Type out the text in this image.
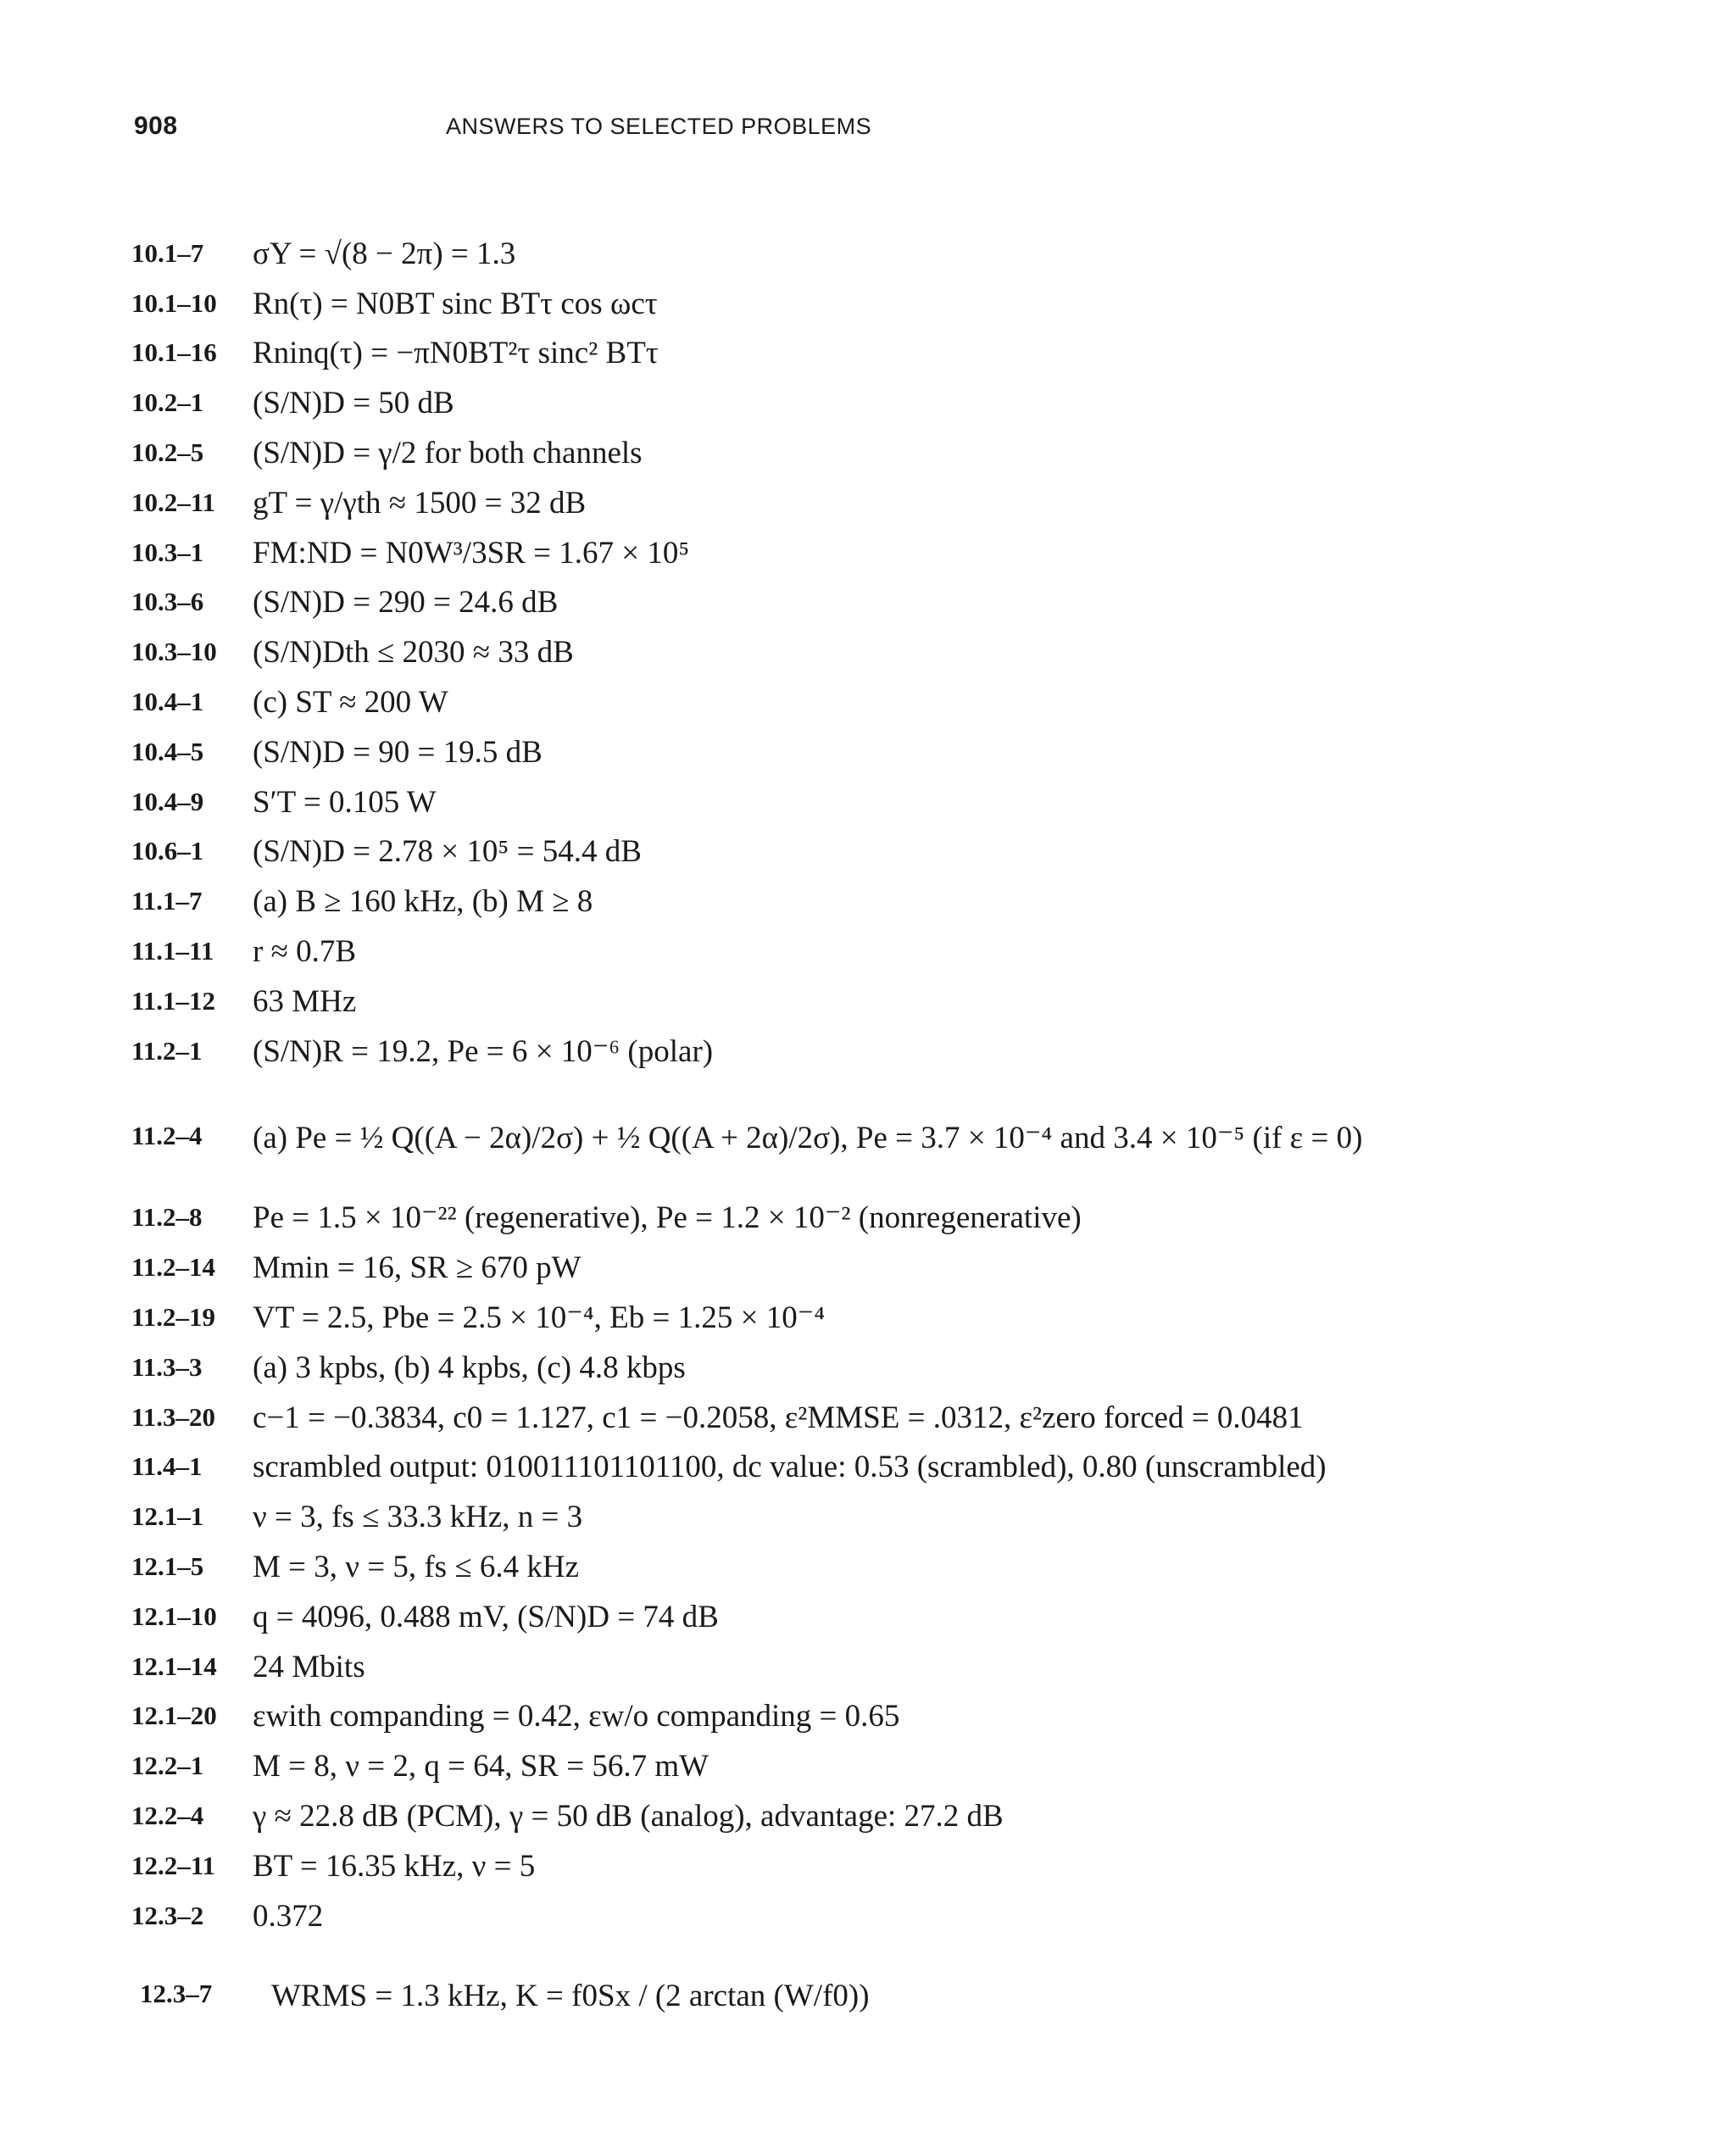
908	ANSWERS TO SELECTED PROBLEMS
10.1–7 σY = √(8 − 2π) = 1.3
10.1–10 Rn(τ) = N0BT sinc BTτ cos ωcτ
10.1–16 Rninq(τ) = −πN0BT²τ sinc² BTτ
10.2–1 (S/N)D = 50 dB
10.2–5 (S/N)D = γ/2 for both channels
10.2–11 gT = γ/γth ≈ 1500 = 32 dB
10.3–1 FM:ND = N0W³/3SR = 1.67 × 10⁵
10.3–6 (S/N)D = 290 = 24.6 dB
10.3–10 (S/N)Dth ≤ 2030 ≈ 33 dB
10.4–1 (c) ST ≈ 200 W
10.4–5 (S/N)D = 90 = 19.5 dB
10.4–9 S′T = 0.105 W
10.6–1 (S/N)D = 2.78 × 10⁵ = 54.4 dB
11.1–7 (a) B ≥ 160 kHz, (b) M ≥ 8
11.1–11 r ≈ 0.7B
11.1–12 63 MHz
11.2–1 (S/N)R = 19.2, Pe = 6 × 10⁻⁶ (polar)
11.2–4 (a) Pe = ½ Q((A − 2α)/2σ) + ½ Q((A + 2α)/2σ), Pe = 3.7 × 10⁻⁴ and 3.4 × 10⁻⁵ (if ε = 0)
11.2–8 Pe = 1.5 × 10⁻²² (regenerative), Pe = 1.2 × 10⁻² (nonregenerative)
11.2–14 Mmin = 16, SR ≥ 670 pW
11.2–19 VT = 2.5, Pbe = 2.5 × 10⁻⁴, Eb = 1.25 × 10⁻⁴
11.3–3 (a) 3 kpbs, (b) 4 kpbs, (c) 4.8 kbps
11.3–20 c−1 = −0.3834, c0 = 1.127, c1 = −0.2058, ε²MMSE = .0312, ε²zero forced = 0.0481
11.4–1 scrambled output: 010011101101100, dc value: 0.53 (scrambled), 0.80 (unscrambled)
12.1–1 ν = 3, fs ≤ 33.3 kHz, n = 3
12.1–5 M = 3, ν = 5, fs ≤ 6.4 kHz
12.1–10 q = 4096, 0.488 mV, (S/N)D = 74 dB
12.1–14 24 Mbits
12.1–20 εwith companding = 0.42, εw/o companding = 0.65
12.2–1 M = 8, ν = 2, q = 64, SR = 56.7 mW
12.2–4 γ ≈ 22.8 dB (PCM), γ = 50 dB (analog), advantage: 27.2 dB
12.2–11 BT = 16.35 kHz, ν = 5
12.3–2 0.372
12.3–7 WRMS = 1.3 kHz, K = f0Sx / (2 arctan (W/f0))
